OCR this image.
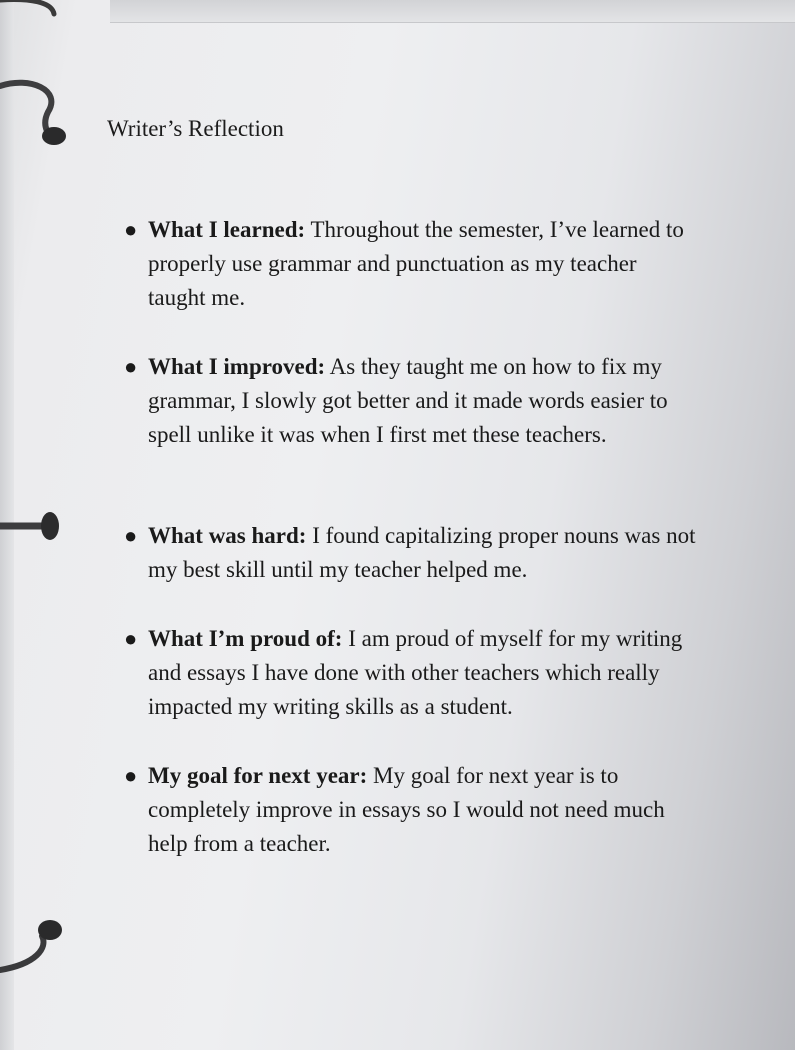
Writer’s Reflection
● What I learned: Throughout the semester, I’ve learned to properly use grammar and punctuation as my teacher taught me.
● What I improved: As they taught me on how to fix my grammar, I slowly got better and it made words easier to spell unlike it was when I first met these teachers.
● What was hard: I found capitalizing proper nouns was not my best skill until my teacher helped me.
● What I’m proud of: I am proud of myself for my writing and essays I have done with other teachers which really impacted my writing skills as a student.
● My goal for next year: My goal for next year is to completely improve in essays so I would not need much help from a teacher.
